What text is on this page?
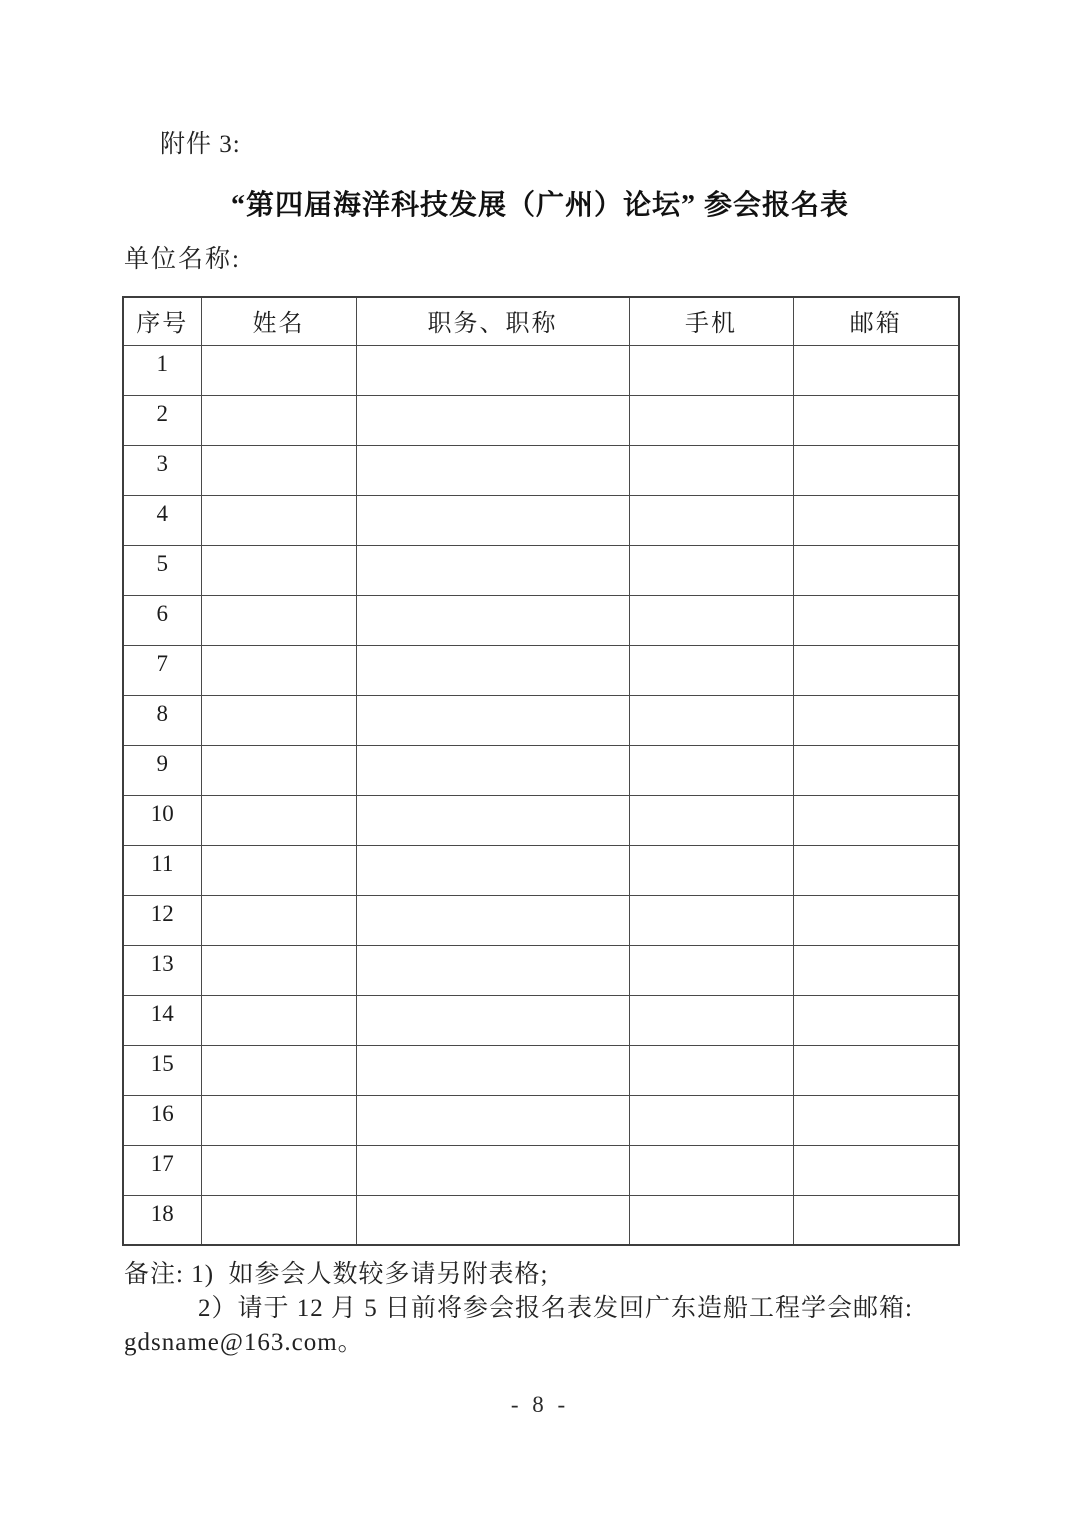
附件 3:
“第四届海洋科技发展（广州）论坛” 参会报名表
单位名称:
序号	姓名	职务、职称	手机	邮箱
1				
2				
3				
4				
5				
6				
7				
8				
9				
10				
11				
12				
13				
14				
15				
16				
17				
18				
备注: 1)  如参会人数较多请另附表格;
2）请于 12 月 5 日前将参会报名表发回广东造船工程学会邮箱:
gdsname@163.com。
- 8 -
